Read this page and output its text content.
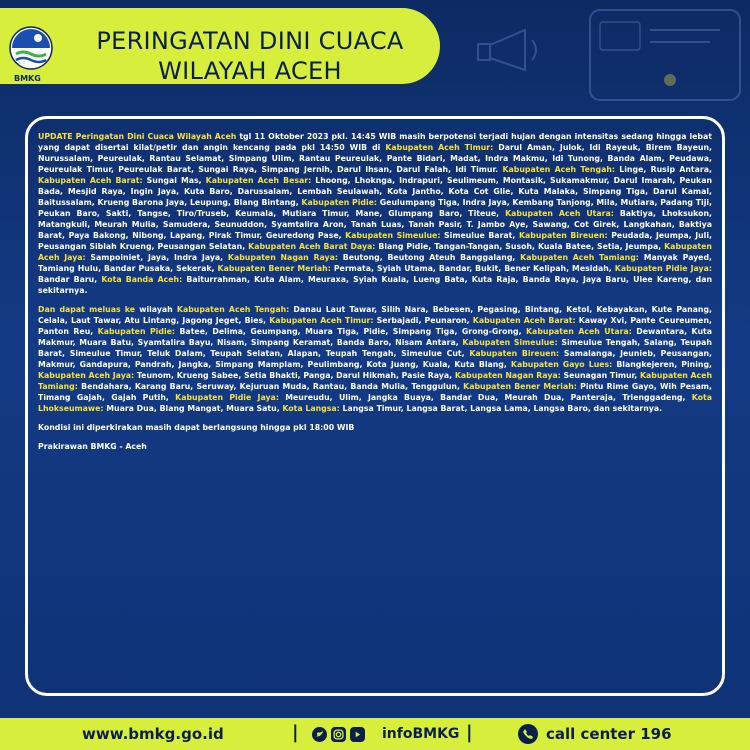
BMKG
PERINGATAN DINI CUACA
WILAYAH ACEH

UPDATE Peringatan Dini Cuaca Wilayah Aceh tgl 11 Oktober 2023 pkl. 14:45 WIB masih berpotensi terjadi hujan dengan intensitas sedang hingga lebat yang dapat disertai kilat/petir dan angin kencang pada pkl 14:50 WIB di Kabupaten Aceh Timur: Darul Aman, Julok, Idi Rayeuk, Birem Bayeun, Nurussalam, Peureulak, Rantau Selamat, Simpang Ulim, Rantau Peureulak, Pante Bidari, Madat, Indra Makmu, Idi Tunong, Banda Alam, Peudawa, Peureulak Timur, Peureulak Barat, Sungai Raya, Simpang Jernih, Darul Ihsan, Darul Falah, Idi Timur. Kabupaten Aceh Tengah: Linge, Rusip Antara, Kabupaten Aceh Barat: Sungai Mas, Kabupaten Aceh Besar: Lhoong, Lhoknga, Indrapuri, Seulimeum, Montasik, Sukamakmur, Darul Imarah, Peukan Bada, Mesjid Raya, Ingin Jaya, Kuta Baro, Darussalam, Lembah Seulawah, Kota Jantho, Kota Cot Glie, Kuta Malaka, Simpang Tiga, Darul Kamal, Baitussalam, Krueng Barona Jaya, Leupung, Blang Bintang, Kabupaten Pidie: Geulumpang Tiga, Indra Jaya, Kembang Tanjong, Mila, Mutiara, Padang Tiji, Peukan Baro, Sakti, Tangse, Tiro/Truseb, Keumala, Mutiara Timur, Mane, Glumpang Baro, Titeue, Kabupaten Aceh Utara: Baktiya, Lhoksukon, Matangkuli, Meurah Mulia, Samudera, Seunuddon, Syamtalira Aron, Tanah Luas, Tanah Pasir, T. Jambo Aye, Sawang, Cot Girek, Langkahan, Baktiya Barat, Paya Bakong, Nibong, Lapang, Pirak Timur, Geuredong Pase, Kabupaten Simeulue: Simeulue Barat, Kabupaten Bireuen: Peudada, Jeumpa, Juli, Peusangan Siblah Krueng, Peusangan Selatan, Kabupaten Aceh Barat Daya: Blang Pidie, Tangan-Tangan, Susoh, Kuala Batee, Setia, Jeumpa, Kabupaten Aceh Jaya: Sampoiniet, Jaya, Indra Jaya, Kabupaten Nagan Raya: Beutong, Beutong Ateuh Banggalang, Kabupaten Aceh Tamiang: Manyak Payed, Tamiang Hulu, Bandar Pusaka, Sekerak, Kabupaten Bener Meriah: Permata, Syiah Utama, Bandar, Bukit, Bener Kelipah, Mesidah, Kabupaten Pidie Jaya: Bandar Baru, Kota Banda Aceh: Baiturrahman, Kuta Alam, Meuraxa, Syiah Kuala, Lueng Bata, Kuta Raja, Banda Raya, Jaya Baru, Ulee Kareng, dan sekitarnya.

Dan dapat meluas ke wilayah Kabupaten Aceh Tengah: Danau Laut Tawar, Silih Nara, Bebesen, Pegasing, Bintang, Ketol, Kebayakan, Kute Panang, Celala, Laut Tawar, Atu Lintang, Jagong Jeget, Bies, Kabupaten Aceh Timur: Serbajadi, Peunaron, Kabupaten Aceh Barat: Kaway Xvi, Pante Ceureumen, Panton Reu, Kabupaten Pidie: Batee, Delima, Geumpang, Muara Tiga, Pidie, Simpang Tiga, Grong-Grong, Kabupaten Aceh Utara: Dewantara, Kuta Makmur, Muara Batu, Syamtalira Bayu, Nisam, Simpang Keramat, Banda Baro, Nisam Antara, Kabupaten Simeulue: Simeulue Tengah, Salang, Teupah Barat, Simeulue Timur, Teluk Dalam, Teupah Selatan, Alapan, Teupah Tengah, Simeulue Cut, Kabupaten Bireuen: Samalanga, Jeunieb, Peusangan, Makmur, Gandapura, Pandrah, Jangka, Simpang Mamplam, Peulimbang, Kota Juang, Kuala, Kuta Blang, Kabupaten Gayo Lues: Blangkejeren, Pining, Kabupaten Aceh Jaya: Teunom, Krueng Sabee, Setia Bhakti, Panga, Darul Hikmah, Pasie Raya, Kabupaten Nagan Raya: Seunagan Timur, Kabupaten Aceh Tamiang: Bendahara, Karang Baru, Seruway, Kejuruan Muda, Rantau, Banda Mulia, Tenggulun, Kabupaten Bener Meriah: Pintu Rime Gayo, Wih Pesam, Timang Gajah, Gajah Putih, Kabupaten Pidie Jaya: Meureudu, Ulim, Jangka Buaya, Bandar Dua, Meurah Dua, Panteraja, Trienggadeng, Kota Lhokseumawe: Muara Dua, Blang Mangat, Muara Satu, Kota Langsa: Langsa Timur, Langsa Barat, Langsa Lama, Langsa Baro, dan sekitarnya.

Kondisi ini diperkirakan masih dapat berlangsung hingga pkl 18:00 WIB

Prakirawan BMKG - Aceh

www.bmkg.go.id	|	infoBMKG |	call center 196
